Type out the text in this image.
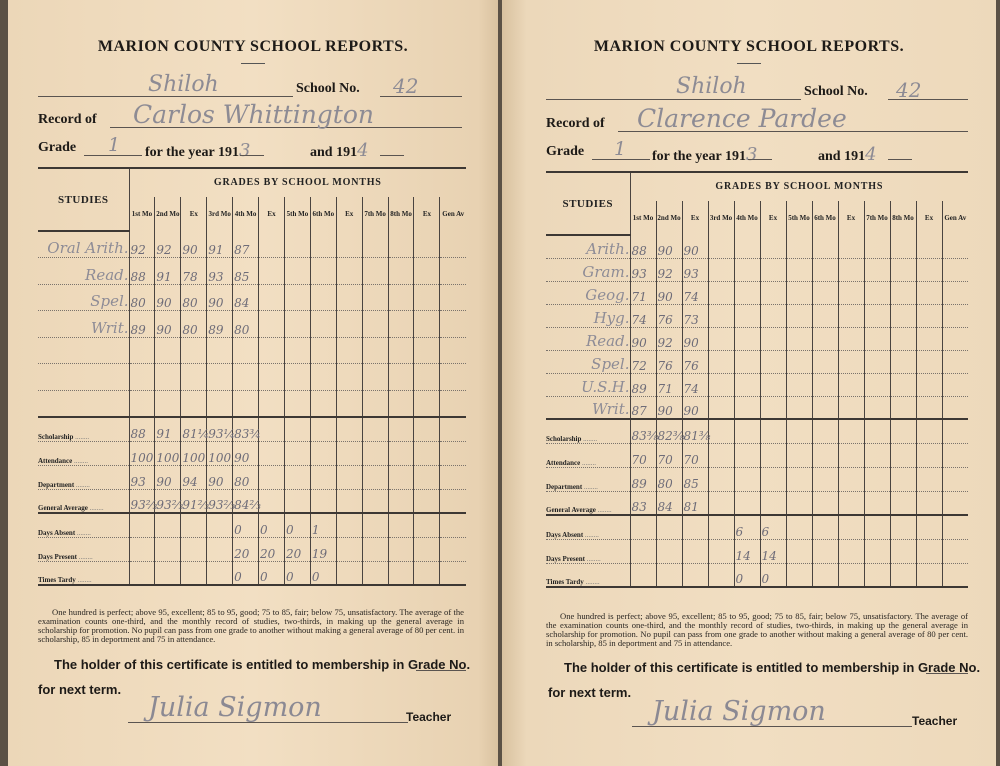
MARION COUNTY SCHOOL REPORTS.
Shiloh	School No. 42
Record of Carlos Whittington
Grade 1 for the year 1913	and 1914
STUDIES	GRADES BY SCHOOL MONTHS												
	1st Mo	2nd Mo	Ex	3rd Mo	4th Mo	Ex	5th Mo	6th Mo	Ex	7th Mo	8th Mo	Ex	Gen Av
Oral Arith.	92	92	90	91	87								
Read.	88	91	78	93	85								
Spel.	80	90	80	90	84								
Writ.	89	90	80	89	80								

Scholarship ........	88	91	81¼	93¼	83¾								
Attendance ........	100	100	100	100	90								
Department ........	93	90	94	90	80								
General Average ........	93⅔	93⅔	91⅔	93⅔	84⅔								
Days Absent ........					0	0	0	1					
Days Present ........					20	20	20	19					
Times Tardy ........					0	0	0	0					

One hundred is perfect; above 95, excellent; 85 to 95, good; 75 to 85, fair; below 75, unsatisfactory. The average of the examination counts one-third, and the monthly record of studies, two-thirds, in making up the general average in scholarship for promotion. No pupil can pass from one grade to another without making a general average of 80 per cent. in scholarship, 85 in deportment and 75 in attendance.

The holder of this certificate is entitled to membership in Grade No.
for next term.
Julia Sigmon	Teacher
MARION COUNTY SCHOOL REPORTS.
Shiloh	School No. 42
Record of Clarence Pardee
Grade 1 for the year 1913	and 1914
STUDIES	GRADES BY SCHOOL MONTHS												
	1st Mo	2nd Mo	Ex	3rd Mo	4th Mo	Ex	5th Mo	6th Mo	Ex	7th Mo	8th Mo	Ex	Gen Av
Arith.	88	90	90										
Gram.	93	92	93										
Geog.	71	90	74										
Hyg.	74	76	73										
Read.	90	92	90										
Spel.	72	76	76										
U.S.H.	89	71	74										
Writ.	87	90	90										
Scholarship ........	83⅜	82⅜	81⅜										
Attendance ........	70	70	70										
Department ........	89	80	85										
General Average ........	83	84	81										
Days Absent ........					6	6							
Days Present ........					14	14							
Times Tardy ........					0	0							

One hundred is perfect; above 95, excellent; 85 to 95, good; 75 to 85, fair; below 75, unsatisfactory. The average of the examination counts one-third, and the monthly record of studies, two-thirds, in making up the general average in scholarship for promotion. No pupil can pass from one grade to another without making a general average of 80 per cent. in scholarship, 85 in deportment and 75 in attendance.

The holder of this certificate is entitled to membership in Grade No.
for next term.
Julia Sigmon	Teacher
